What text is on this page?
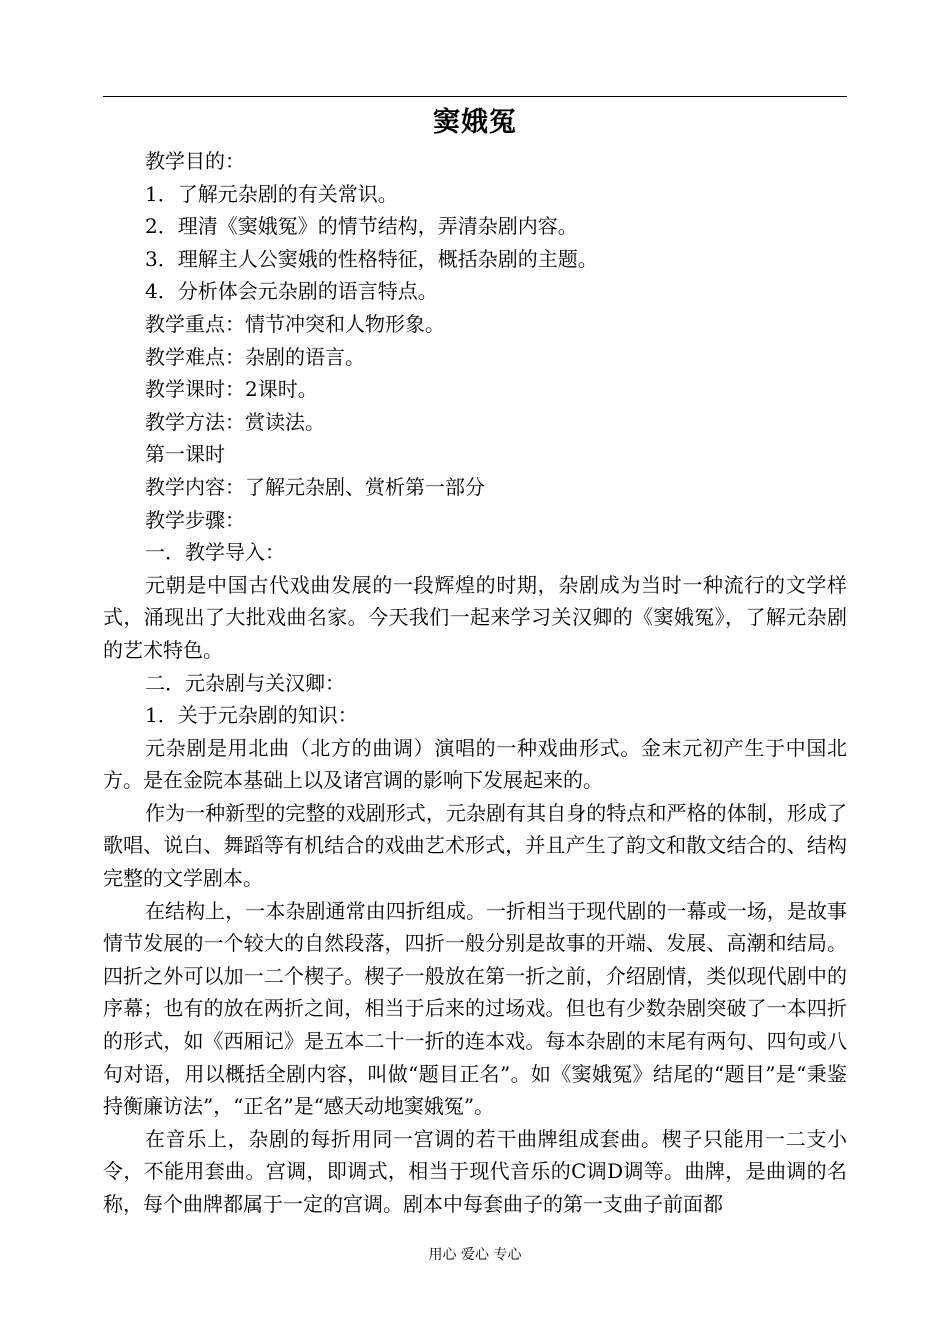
窦娥冤
教学目的：
1．了解元杂剧的有关常识。
2．理清《窦娥冤》的情节结构，弄清杂剧内容。
3．理解主人公窦娥的性格特征，概括杂剧的主题。
4．分析体会元杂剧的语言特点。
教学重点：情节冲突和人物形象。
教学难点：杂剧的语言。
教学课时：2课时。
教学方法：赏读法。
第一课时
教学内容：了解元杂剧、赏析第一部分
教学步骤：
一．教学导入：
元朝是中国古代戏曲发展的一段辉煌的时期，杂剧成为当时一种流行的文学样式，涌现出了大批戏曲名家。今天我们一起来学习关汉卿的《窦娥冤》，了解元杂剧的艺术特色。
二．元杂剧与关汉卿：
1．关于元杂剧的知识：
元杂剧是用北曲（北方的曲调）演唱的一种戏曲形式。金末元初产生于中国北方。是在金院本基础上以及诸宫调的影响下发展起来的。
作为一种新型的完整的戏剧形式，元杂剧有其自身的特点和严格的体制，形成了歌唱、说白、舞蹈等有机结合的戏曲艺术形式，并且产生了韵文和散文结合的、结构完整的文学剧本。
在结构上，一本杂剧通常由四折组成。一折相当于现代剧的一幕或一场，是故事情节发展的一个较大的自然段落，四折一般分别是故事的开端、发展、高潮和结局。四折之外可以加一二个楔子。楔子一般放在第一折之前，介绍剧情，类似现代剧中的序幕；也有的放在两折之间，相当于后来的过场戏。但也有少数杂剧突破了一本四折的形式，如《西厢记》是五本二十一折的连本戏。每本杂剧的末尾有两句、四句或八句对语，用以概括全剧内容，叫做“题目正名”。如《窦娥冤》结尾的“题目”是“秉鉴持衡廉访法”，“正名”是“感天动地窦娥冤”。
在音乐上，杂剧的每折用同一宫调的若干曲牌组成套曲。楔子只能用一二支小令，不能用套曲。宫调，即调式，相当于现代音乐的C调D调等。曲牌，是曲调的名称，每个曲牌都属于一定的宫调。剧本中每套曲子的第一支曲子前面都
用心 爱心 专心
